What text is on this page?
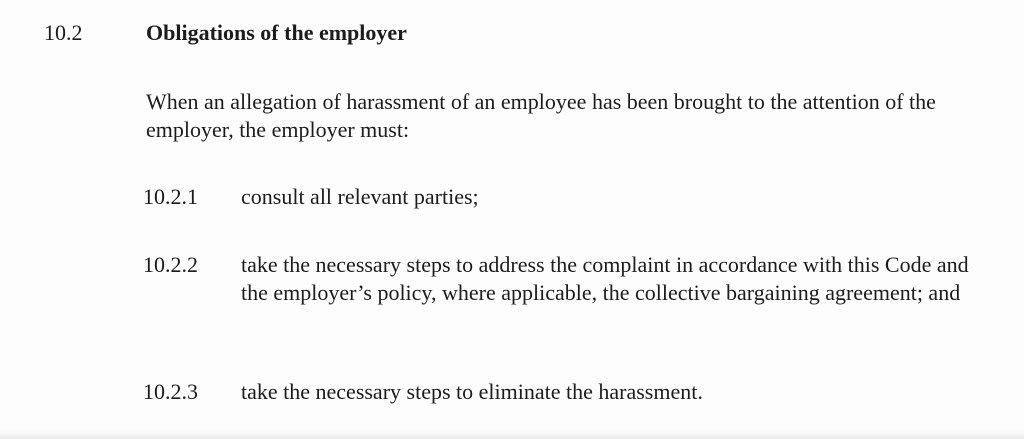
10.2	Obligations of the employer
When an allegation of harassment of an employee has been brought to the attention of the employer, the employer must:
10.2.1 consult all relevant parties;
10.2.2 take the necessary steps to address the complaint in accordance with this Code and the employer’s policy, where applicable, the collective bargaining agreement; and
10.2.3 take the necessary steps to eliminate the harassment.
